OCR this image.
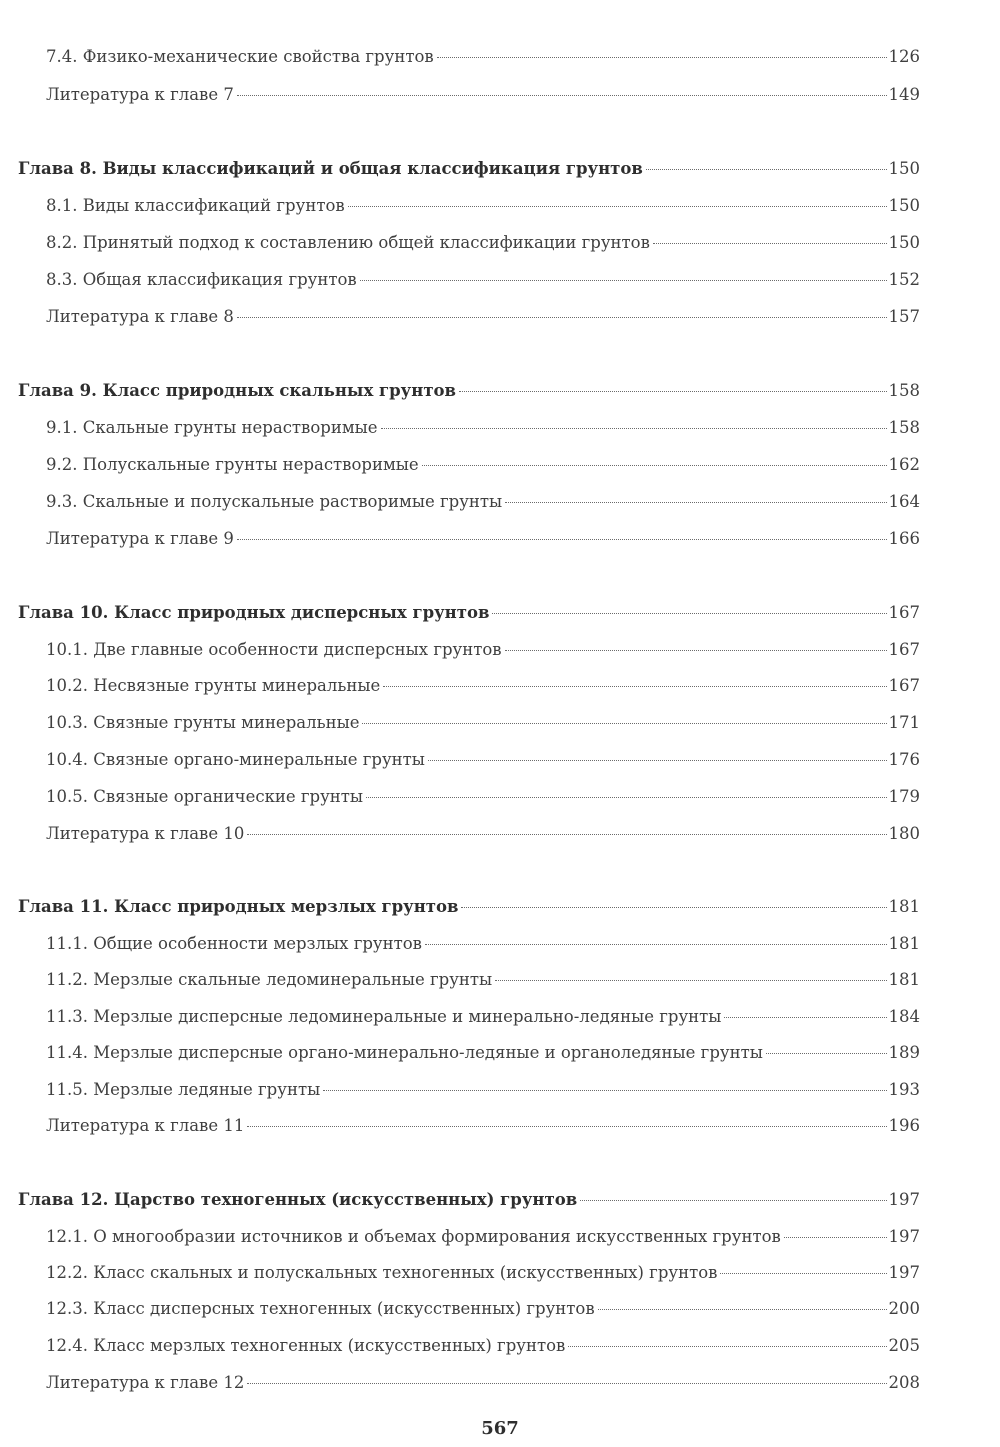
7.4. Физико-механические свойства грунтов	126
Литература к главе 7	149
Глава 8. Виды классификаций и общая классификация грунтов	150
8.1. Виды классификаций грунтов	150
8.2. Принятый подход к составлению общей классификации грунтов	150
8.3. Общая классификация грунтов	152
Литература к главе 8	157
Глава 9. Класс природных скальных грунтов	158
9.1. Скальные грунты нерастворимые	158
9.2. Полускальные грунты нерастворимые	162
9.3. Скальные и полускальные растворимые грунты	164
Литература к главе 9	166
Глава 10. Класс природных дисперсных грунтов	167
10.1. Две главные особенности дисперсных грунтов	167
10.2. Несвязные грунты минеральные	167
10.3. Связные грунты минеральные	171
10.4. Связные органо-минеральные грунты	176
10.5. Связные органические грунты	179
Литература к главе 10	180
Глава 11. Класс природных мерзлых грунтов	181
11.1. Общие особенности мерзлых грунтов	181
11.2. Мерзлые скальные ледоминеральные грунты	181
11.3. Мерзлые дисперсные ледоминеральные и минерально-ледяные грунты	184
11.4. Мерзлые дисперсные органо-минерально-ледяные и органоледяные грунты	189
11.5. Мерзлые ледяные грунты	193
Литература к главе 11	196
Глава 12. Царство техногенных (искусственных) грунтов	197
12.1. О многообразии источников и объемах формирования искусственных грунтов	197
12.2. Класс скальных и полускальных техногенных (искусственных) грунтов	197
12.3. Класс дисперсных техногенных (искусственных) грунтов	200
12.4. Класс мерзлых техногенных (искусственных) грунтов	205
Литература к главе 12	208
567
